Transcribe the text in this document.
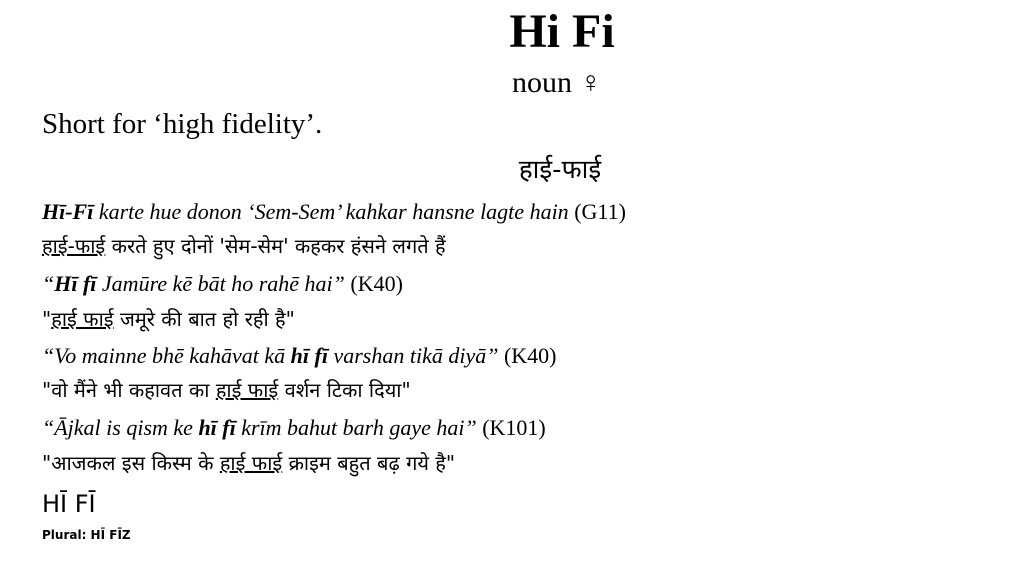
Hi Fi
noun ♀
Short for ‘high fidelity’.
हाई-फाई
Hī-Fī karte hue donon ‘Sem-Sem’ kahkar hansne lagte hain (G11)
हाई-फाई करते हुए दोनों 'सेम-सेम' कहकर हंसने लगते हैं
“Hī fī Jamūre kē bāt ho rahē hai” (K40)
"हाई फाई जमूरे की बात हो रही है"
“Vo mainne bhē kahāvat kā hī fī varshan tikā diyā” (K40)
"वो मैंने भी कहावत का हाई फाई वर्शन टिका दिया"
“Ājkal is qism ke hī fī krīm bahut barh gaye hai” (K101)
"आजकल इस किस्म के हाई फाई क्राइम बहुत बढ़ गये है"
HĪ FĪ
Plural: HĪ FĪZ
